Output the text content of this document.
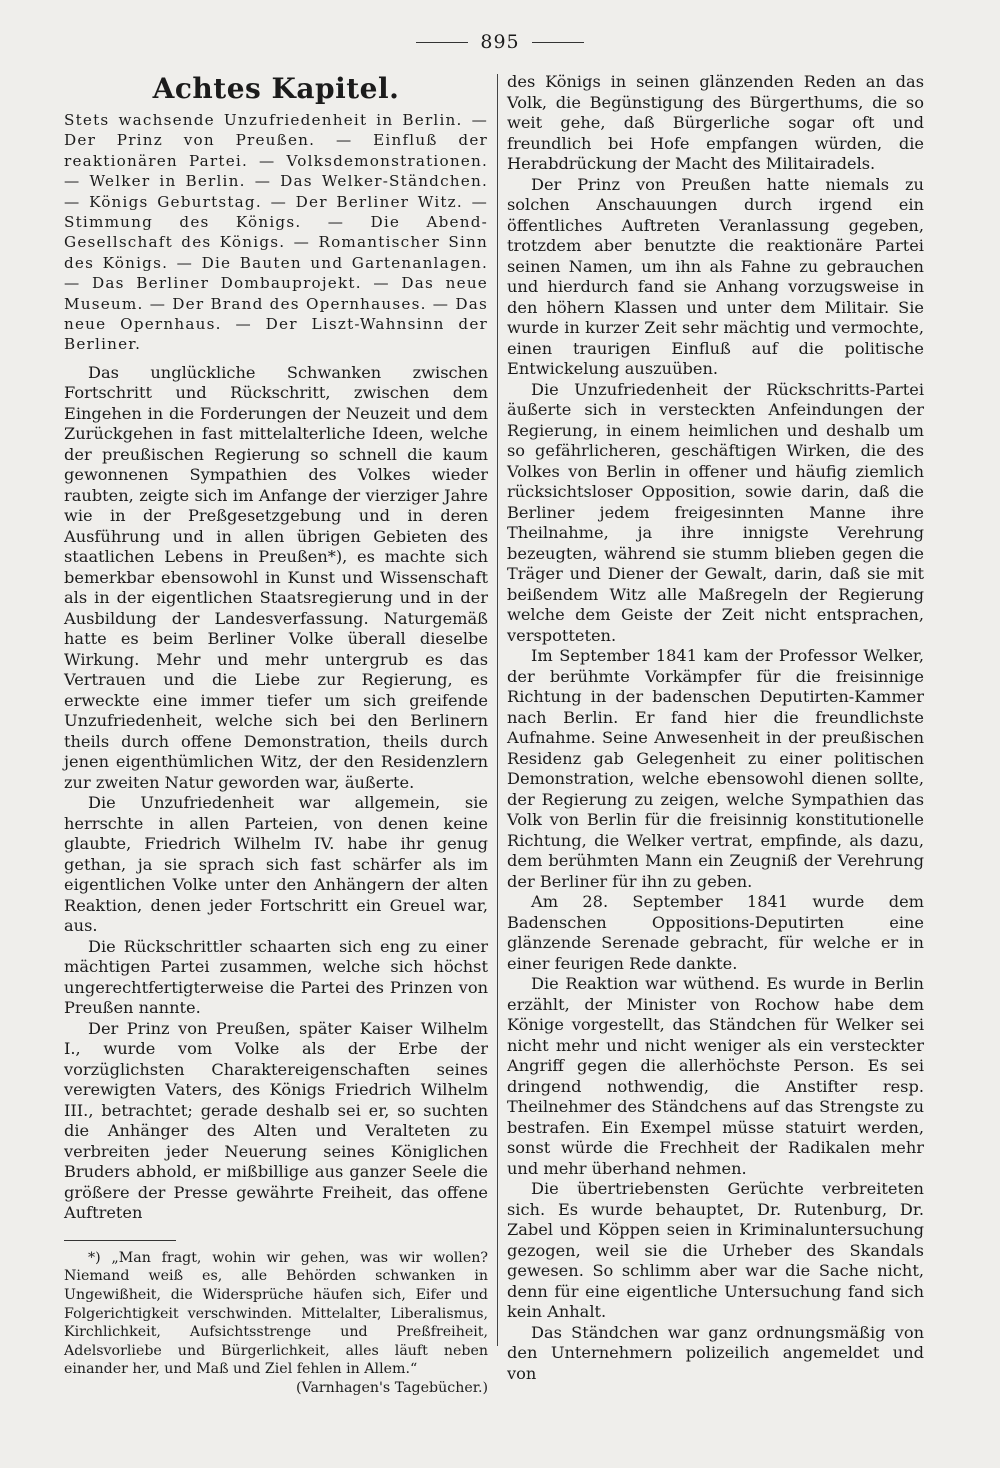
895
Achtes Kapitel.
Stets wachsende Unzufriedenheit in Berlin. — Der Prinz von Preußen. — Einfluß der reaktionären Partei. — Volksdemonstrationen. — Welker in Berlin. — Das Welker-Ständchen. — Königs Geburtstag. — Der Berliner Witz. — Stimmung des Königs. — Die Abend-Gesellschaft des Königs. — Romantischer Sinn des Königs. — Die Bauten und Gartenanlagen. — Das Berliner Dombauprojekt. — Das neue Museum. — Der Brand des Opernhauses. — Das neue Opernhaus. — Der Liszt-Wahnsinn der Berliner.

Das unglückliche Schwanken zwischen Fortschritt und Rückschritt, zwischen dem Eingehen in die Forderungen der Neuzeit und dem Zurückgehen in fast mittelalterliche Ideen, welche der preußischen Regierung so schnell die kaum gewonnenen Sympathien des Volkes wieder raubten, zeigte sich im Anfange der vierziger Jahre wie in der Preßgesetzgebung und in deren Ausführung und in allen übrigen Gebieten des staatlichen Lebens in Preußen*), es machte sich bemerkbar ebensowohl in Kunst und Wissenschaft als in der eigentlichen Staatsregierung und in der Ausbildung der Landesverfassung. Naturgemäß hatte es beim Berliner Volke überall dieselbe Wirkung. Mehr und mehr untergrub es das Vertrauen und die Liebe zur Regierung, es erweckte eine immer tiefer um sich greifende Unzufriedenheit, welche sich bei den Berlinern theils durch offene Demonstration, theils durch jenen eigenthümlichen Witz, der den Residenzlern zur zweiten Natur geworden war, äußerte.

Die Unzufriedenheit war allgemein, sie herrschte in allen Parteien, von denen keine glaubte, Friedrich Wilhelm IV. habe ihr genug gethan, ja sie sprach sich fast schärfer als im eigentlichen Volke unter den Anhängern der alten Reaktion, denen jeder Fortschritt ein Greuel war, aus.

Die Rückschrittler schaarten sich eng zu einer mächtigen Partei zusammen, welche sich höchst ungerechtfertigterweise die Partei des Prinzen von Preußen nannte.

Der Prinz von Preußen, später Kaiser Wilhelm I., wurde vom Volke als der Erbe der vorzüglichsten Charaktereigenschaften seines verewigten Vaters, des Königs Friedrich Wilhelm III., betrachtet; gerade deshalb sei er, so suchten die Anhänger des Alten und Veralteten zu verbreiten jeder Neuerung seines Königlichen Bruders abhold, er mißbillige aus ganzer Seele die größere der Presse gewährte Freiheit, das offene Auftreten

*) „Man fragt, wohin wir gehen, was wir wollen? Niemand weiß es, alle Behörden schwanken in Ungewißheit, die Widersprüche häufen sich, Eifer und Folgerichtigkeit verschwinden. Mittelalter, Liberalismus, Kirchlichkeit, Aufsichtsstrenge und Preßfreiheit, Adelsvorliebe und Bürgerlichkeit, alles läuft neben einander her, und Maß und Ziel fehlen in Allem.“
(Varnhagen's Tagebücher.)

des Königs in seinen glänzenden Reden an das Volk, die Begünstigung des Bürgerthums, die so weit gehe, daß Bürgerliche sogar oft und freundlich bei Hofe empfangen würden, die Herabdrückung der Macht des Militairadels.

Der Prinz von Preußen hatte niemals zu solchen Anschauungen durch irgend ein öffentliches Auftreten Veranlassung gegeben, trotzdem aber benutzte die reaktionäre Partei seinen Namen, um ihn als Fahne zu gebrauchen und hierdurch fand sie Anhang vorzugsweise in den höhern Klassen und unter dem Militair. Sie wurde in kurzer Zeit sehr mächtig und vermochte, einen traurigen Einfluß auf die politische Entwickelung auszuüben.

Die Unzufriedenheit der Rückschritts-Partei äußerte sich in versteckten Anfeindungen der Regierung, in einem heimlichen und deshalb um so gefährlicheren, geschäftigen Wirken, die des Volkes von Berlin in offener und häufig ziemlich rücksichtsloser Opposition, sowie darin, daß die Berliner jedem freigesinnten Manne ihre Theilnahme, ja ihre innigste Verehrung bezeugten, während sie stumm blieben gegen die Träger und Diener der Gewalt, darin, daß sie mit beißendem Witz alle Maßregeln der Regierung welche dem Geiste der Zeit nicht entsprachen, verspotteten.

Im September 1841 kam der Professor Welker, der berühmte Vorkämpfer für die freisinnige Richtung in der badenschen Deputirten-Kammer nach Berlin. Er fand hier die freundlichste Aufnahme. Seine Anwesenheit in der preußischen Residenz gab Gelegenheit zu einer politischen Demonstration, welche ebensowohl dienen sollte, der Regierung zu zeigen, welche Sympathien das Volk von Berlin für die freisinnig konstitutionelle Richtung, die Welker vertrat, empfinde, als dazu, dem berühmten Mann ein Zeugniß der Verehrung der Berliner für ihn zu geben.

Am 28. September 1841 wurde dem Badenschen Oppositions-Deputirten eine glänzende Serenade gebracht, für welche er in einer feurigen Rede dankte.

Die Reaktion war wüthend. Es wurde in Berlin erzählt, der Minister von Rochow habe dem Könige vorgestellt, das Ständchen für Welker sei nicht mehr und nicht weniger als ein versteckter Angriff gegen die allerhöchste Person. Es sei dringend nothwendig, die Anstifter resp. Theilnehmer des Ständchens auf das Strengste zu bestrafen. Ein Exempel müsse statuirt werden, sonst würde die Frechheit der Radikalen mehr und mehr überhand nehmen.

Die übertriebensten Gerüchte verbreiteten sich. Es wurde behauptet, Dr. Rutenburg, Dr. Zabel und Köppen seien in Kriminaluntersuchung gezogen, weil sie die Urheber des Skandals gewesen. So schlimm aber war die Sache nicht, denn für eine eigentliche Untersuchung fand sich kein Anhalt.

Das Ständchen war ganz ordnungsmäßig von den Unternehmern polizeilich angemeldet und von
